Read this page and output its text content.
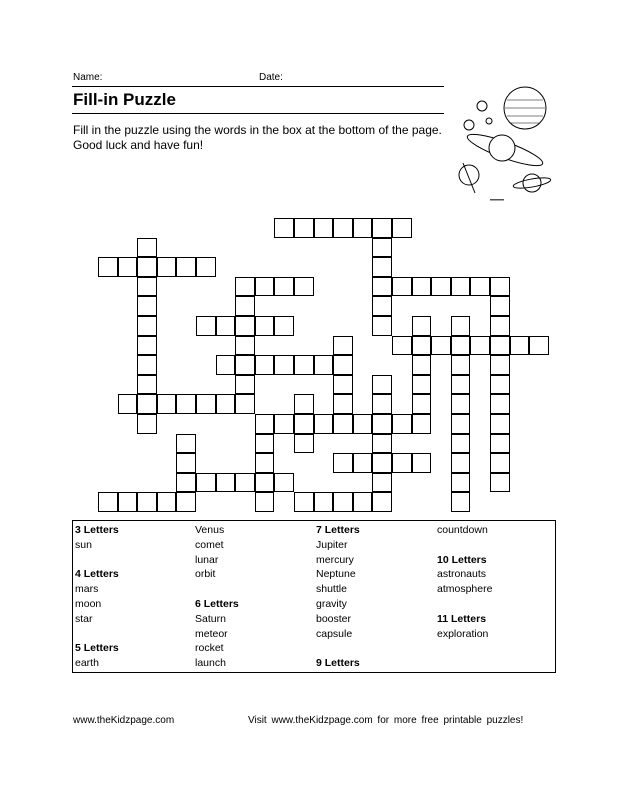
Name:	Date:
Fill-in Puzzle
Fill in the puzzle using the words in the box at the bottom of the page. Good luck and have fun!
3 Letters
sun
4 Letters
mars
moon
star
5 Letters
earth
Venus
comet
lunar
orbit
6 Letters
Saturn
meteor
rocket
launch
7 Letters
Jupiter
mercury
Neptune
shuttle
gravity
booster
capsule
9 Letters
countdown
10 Letters
astronauts
atmosphere
11 Letters
exploration
www.theKidzpage.com	Visit www.theKidzpage.com for more free printable puzzles!
